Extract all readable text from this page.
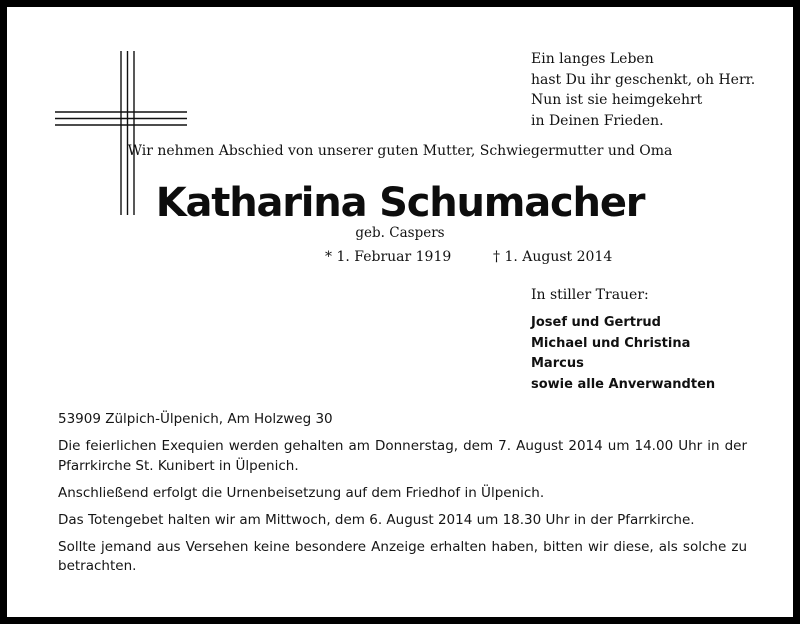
Ein langes Leben
hast Du ihr geschenkt, oh Herr.
Nun ist sie heimgekehrt
in Deinen Frieden.
Wir nehmen Abschied von unserer guten Mutter, Schwiegermutter und Oma
Katharina Schumacher
geb. Caspers
* 1. Februar 1919	† 1. August 2014
In stiller Trauer:
Josef und Gertrud
Michael und Christina
Marcus
sowie alle Anverwandten

53909 Zülpich-Ülpenich, Am Holzweg 30

Die feierlichen Exequien werden gehalten am Donnerstag, dem 7. August 2014 um 14.00 Uhr in der Pfarrkirche St. Kunibert in Ülpenich.

Anschließend erfolgt die Urnenbeisetzung auf dem Friedhof in Ülpenich.

Das Totengebet halten wir am Mittwoch, dem 6. August 2014 um 18.30 Uhr in der Pfarrkirche.

Sollte jemand aus Versehen keine besondere Anzeige erhalten haben, bitten wir diese, als solche zu betrachten.
